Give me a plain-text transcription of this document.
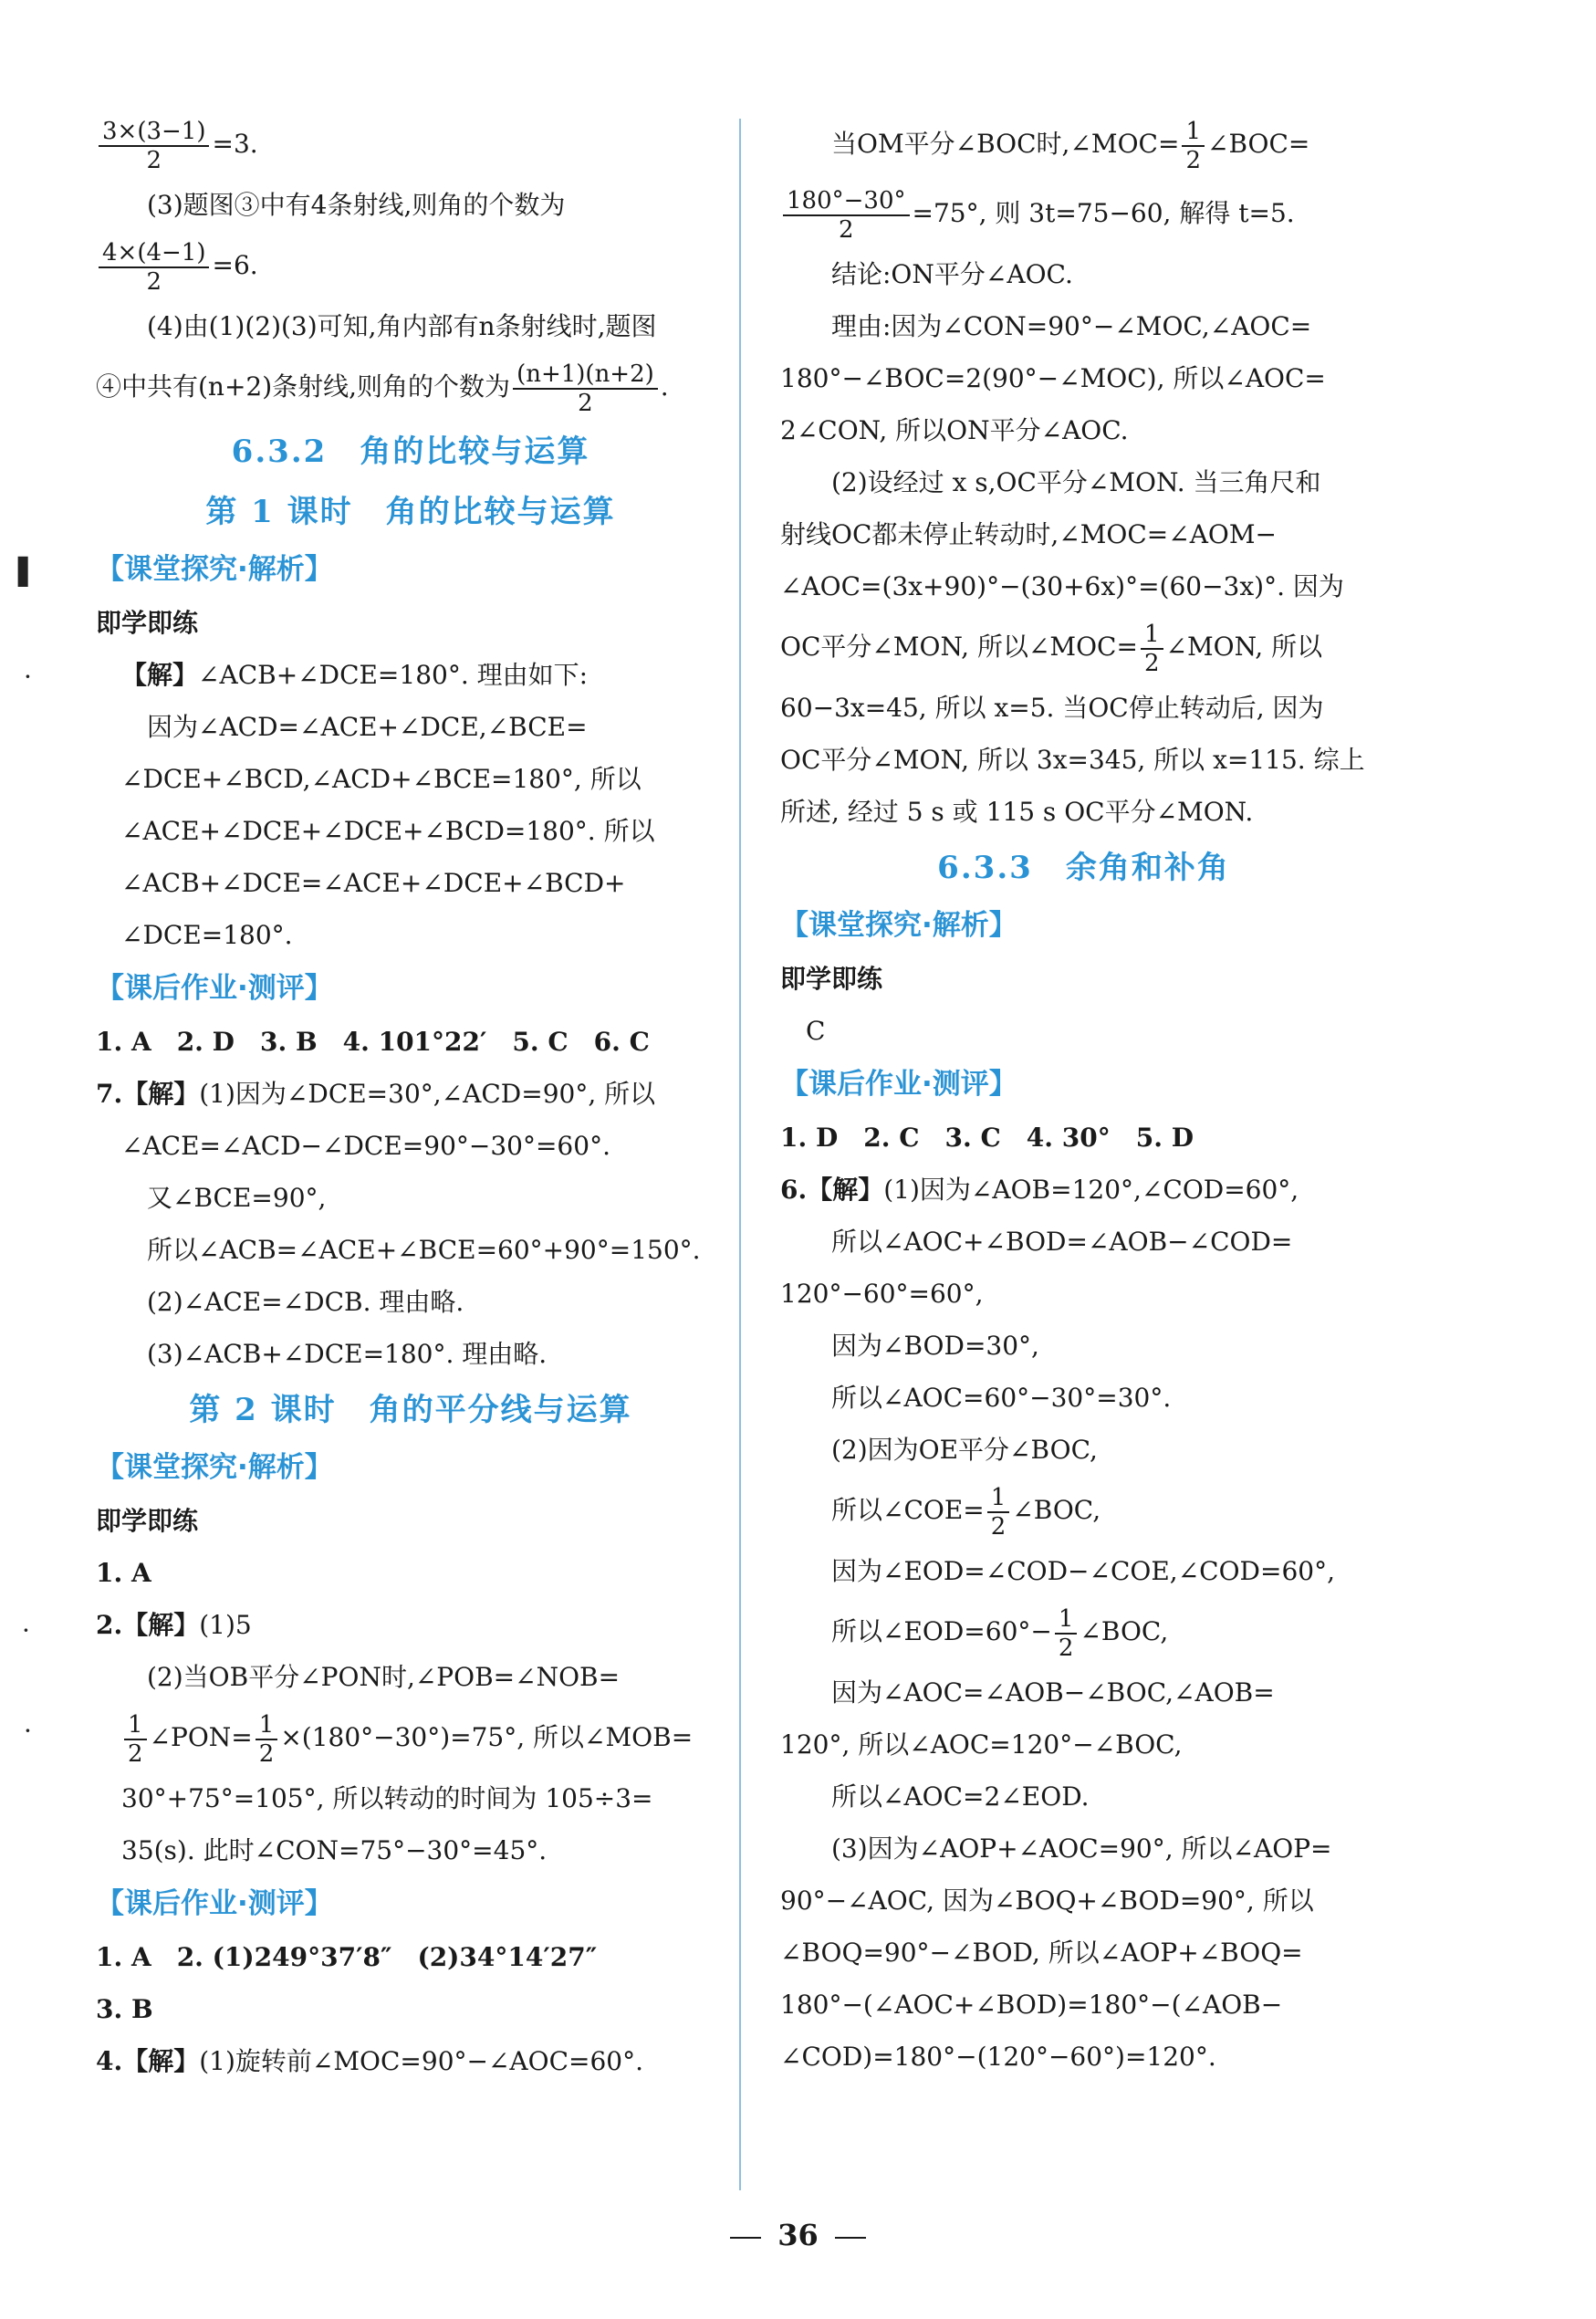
▌
·
·
·
$\frac{3\times(3-1)}{2} =3$.
(3)题图③中有4条射线,则角的个数为
$\frac{4\times(4-1)}{2} =6$.
(4)由(1)(2)(3)可知,角内部有n条射线时,题图
④中共有(n+2)条射线,则角的个数为 $\frac{(n+1)(n+2)}{2}$ .
6.3.2　角的比较与运算
第 1 课时　角的比较与运算
【课堂探究·解析】
即学即练
【解】∠ACB+∠DCE=180°. 理由如下:
因为∠ACD=∠ACE+∠DCE,∠BCE=
∠DCE+∠BCD,∠ACD+∠BCE=180°, 所以
∠ACE+∠DCE+∠DCE+∠BCD=180°. 所以
∠ACB+∠DCE=∠ACE+∠DCE+∠BCD+
∠DCE=180°.
【课后作业·测评】
1. A　2. D　3. B　4. 101°22′　5. C　6. C
7.【解】(1)因为∠DCE=30°,∠ACD=90°, 所以
∠ACE=∠ACD−∠DCE=90°−30°=60°.
又∠BCE=90°,
所以∠ACB=∠ACE+∠BCE=60°+90°=150°.
(2)∠ACE=∠DCB. 理由略.
(3)∠ACB+∠DCE=180°. 理由略.
第 2 课时　角的平分线与运算
【课堂探究·解析】
即学即练
1. A
2.【解】(1)5
(2)当OB平分∠PON时,∠POB=∠NOB=
$\frac{1}{2}$ ∠PON= $\frac{1}{2} \times(180^\circ-30^\circ)=75^\circ$, 所以∠MOB=
30°+75°=105°, 所以转动的时间为 105÷3=
35(s). 此时∠CON=75°−30°=45°.
【课后作业·测评】
1. A　2. (1)249°37′8″　(2)34°14′27″
3. B
4.【解】(1)旋转前∠MOC=90°−∠AOC=60°.
当OM平分∠BOC时,∠MOC= $\frac{1}{2}$ ∠BOC=
$\frac{180^\circ-30^\circ}{2} =75^\circ$, 则 3t=75−60, 解得 t=5.
结论:ON平分∠AOC.
理由:因为∠CON=90°−∠MOC,∠AOC=
180°−∠BOC=2(90°−∠MOC), 所以∠AOC=
2∠CON, 所以ON平分∠AOC.
(2)设经过 x s,OC平分∠MON. 当三角尺和
射线OC都未停止转动时,∠MOC=∠AOM−
∠AOC=(3x+90)°−(30+6x)°=(60−3x)°. 因为
OC平分∠MON, 所以∠MOC= $\frac{1}{2}$ ∠MON, 所以
60−3x=45, 所以 x=5. 当OC停止转动后, 因为
OC平分∠MON, 所以 3x=345, 所以 x=115. 综上
所述, 经过 5 s 或 115 s OC平分∠MON.
6.3.3　余角和补角
【课堂探究·解析】
即学即练
C
【课后作业·测评】
1. D　2. C　3. C　4. 30°　5. D
6.【解】(1)因为∠AOB=120°,∠COD=60°,
所以∠AOC+∠BOD=∠AOB−∠COD=
120°−60°=60°,
因为∠BOD=30°,
所以∠AOC=60°−30°=30°.
(2)因为OE平分∠BOC,
所以∠COE= $\frac{1}{2}$ ∠BOC,
因为∠EOD=∠COD−∠COE,∠COD=60°,
所以∠EOD=60°− $\frac{1}{2}$ ∠BOC,
因为∠AOC=∠AOB−∠BOC,∠AOB=
120°, 所以∠AOC=120°−∠BOC,
所以∠AOC=2∠EOD.
(3)因为∠AOP+∠AOC=90°, 所以∠AOP=
90°−∠AOC, 因为∠BOQ+∠BOD=90°, 所以
∠BOQ=90°−∠BOD, 所以∠AOP+∠BOQ=
180°−(∠AOC+∠BOD)=180°−(∠AOB−
∠COD)=180°−(120°−60°)=120°.
36
